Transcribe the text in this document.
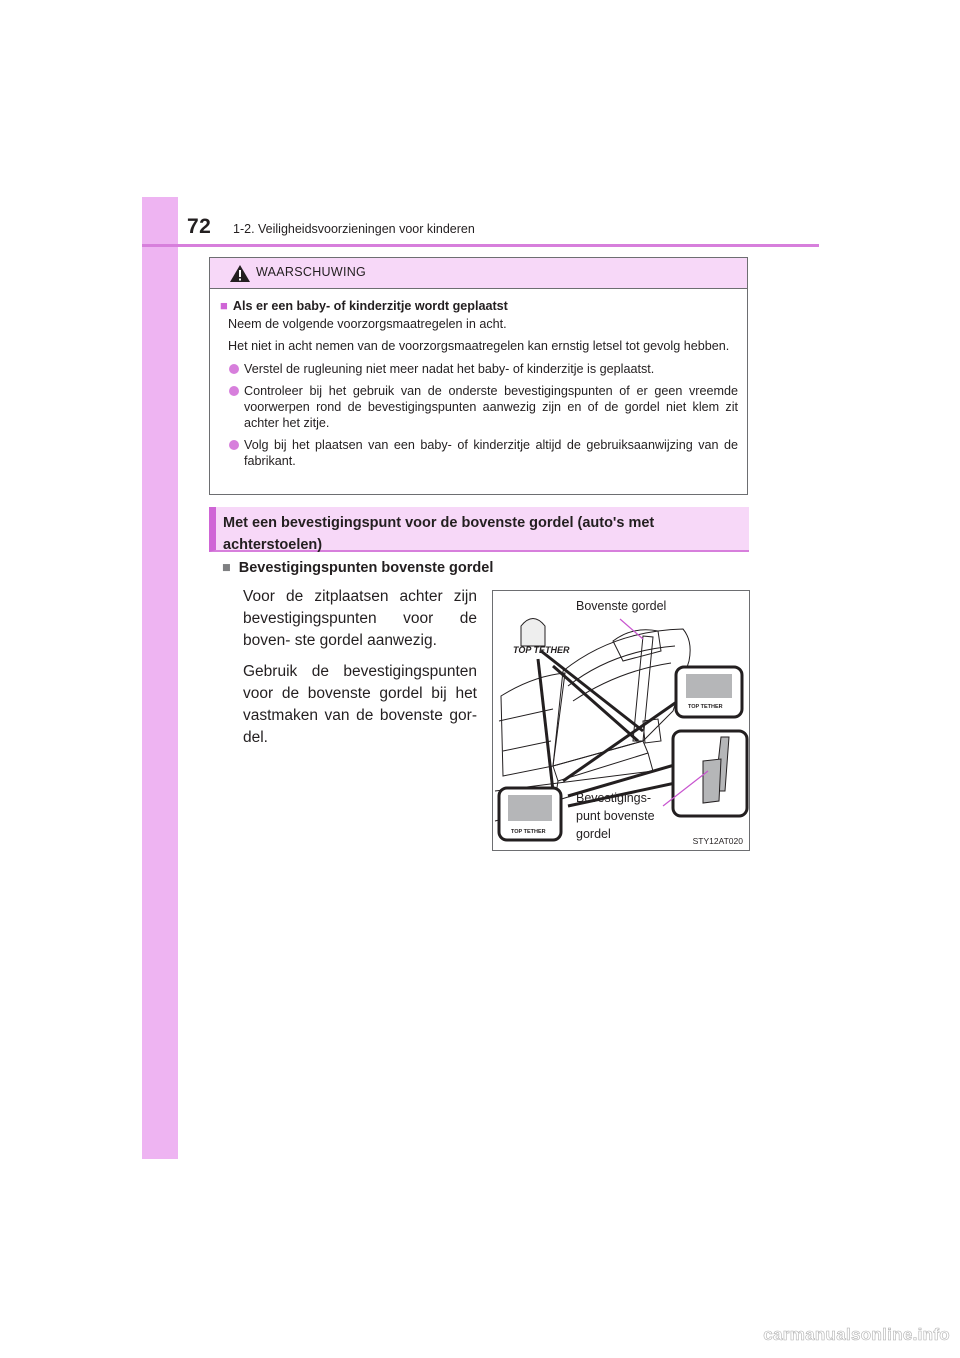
72 1-2. Veiligheidsvoorzieningen voor kinderen
WAARSCHUWING
■ Als er een baby- of kinderzitje wordt geplaatst

Neem de volgende voorzorgsmaatregelen in acht.

Het niet in acht nemen van de voorzorgsmaatregelen kan ernstig letsel tot gevolg hebben.

Verstel de rugleuning niet meer nadat het baby- of kinderzitje is geplaatst.
Controleer bij het gebruik van de onderste bevestigingspunten of er geen vreemde voorwerpen rond de bevestigingspunten aanwezig zijn en of de gordel niet klem zit achter het zitje.
Volg bij het plaatsen van een baby- of kinderzitje altijd de gebruiksaanwijzing van de fabrikant.
Met een bevestigingspunt voor de bovenste gordel (auto's met achterstoelen)
■ Bevestigingspunten bovenste gordel

Voor de zitplaatsen achter zijn bevestigingspunten voor de boven- ste gordel aanwezig.

Gebruik de bevestigingspunten voor de bovenste gordel bij het vastmaken van de bovenste gor- del.

TOP TETHER
TOP TETHER
TOP TETHER
Bovenste gordel
Bevestigings-
punt bovenste
gordel	STY12AT020
carmanualsonline.info
